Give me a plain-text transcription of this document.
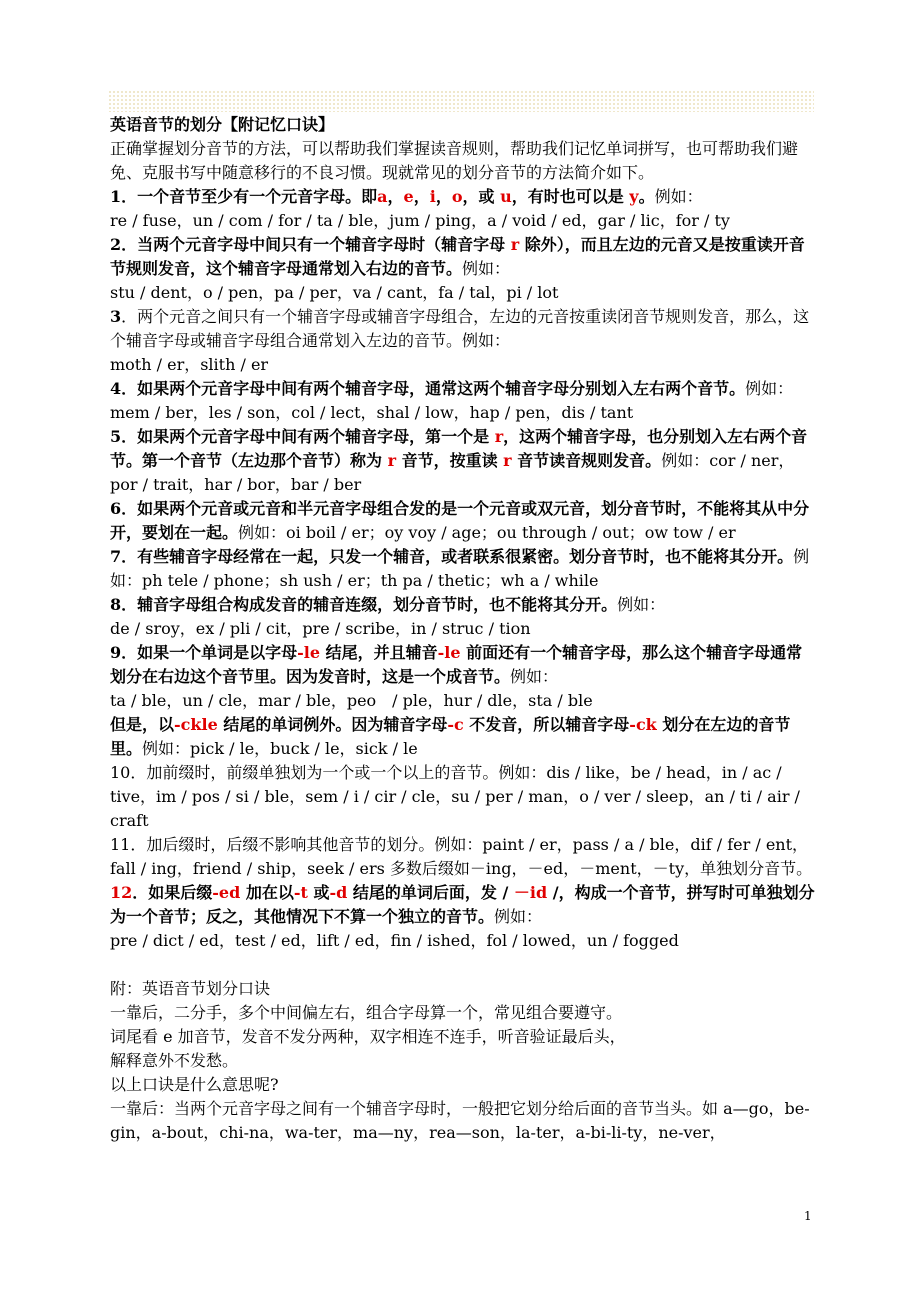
英语音节的划分【附记忆口诀】

正确掌握划分音节的方法，可以帮助我们掌握读音规则，帮助我们记忆单词拼写，也可帮助我们避免、克服书写中随意移行的不良习惯。现就常见的划分音节的方法简介如下。

1．一个音节至少有一个元音字母。即a，e，i，o，或 u，有时也可以是 y。例如：

re / fuse，un / com / for / ta / ble，jum / ping，a / void / ed，gar / lic，for / ty

2．当两个元音字母中间只有一个辅音字母时（辅音字母 r 除外），而且左边的元音又是按重读开音节规则发音，这个辅音字母通常划入右边的音节。例如：

stu / dent，o / pen，pa / per，va / cant，fa / tal，pi / lot

3．两个元音之间只有一个辅音字母或辅音字母组合，左边的元音按重读闭音节规则发音，那么，这个辅音字母或辅音字母组合通常划入左边的音节。例如：

moth / er，slith / er

4．如果两个元音字母中间有两个辅音字母，通常这两个辅音字母分别划入左右两个音节。例如：mem / ber，les / son，col / lect，shal / low，hap / pen，dis / tant

5．如果两个元音字母中间有两个辅音字母，第一个是 r，这两个辅音字母，也分别划入左右两个音节。第一个音节（左边那个音节）称为 r 音节，按重读 r 音节读音规则发音。例如：cor / ner，por / trait，har / bor，bar / ber

6．如果两个元音或元音和半元音字母组合发的是一个元音或双元音，划分音节时，不能将其从中分开，要划在一起。例如：oi boil / er；oy voy / age；ou through / out；ow tow / er

7．有些辅音字母经常在一起，只发一个辅音，或者联系很紧密。划分音节时，也不能将其分开。例如：ph tele / phone；sh ush / er；th pa / thetic；wh a / while

8．辅音字母组合构成发音的辅音连缀，划分音节时，也不能将其分开。例如：

de / sroy，ex / pli / cit，pre / scribe，in / struc / tion

9．如果一个单词是以字母-le 结尾，并且辅音-le 前面还有一个辅音字母，那么这个辅音字母通常划分在右边这个音节里。因为发音时，这是一个成音节。例如：

ta / ble，un / cle，mar / ble，peo　/ ple，hur / dle，sta / ble

但是，以-ckle 结尾的单词例外。因为辅音字母-c 不发音，所以辅音字母-ck 划分在左边的音节里。例如：pick / le，buck / le，sick / le

10．加前缀时，前缀单独划为一个或一个以上的音节。例如：dis / like，be / head，in / ac / tive，im / pos / si / ble，sem / i / cir / cle，su / per / man，o / ver / sleep，an / ti / air / craft

11．加后缀时，后缀不影响其他音节的划分。例如：paint / er，pass / a / ble，dif / fer / ent，fall / ing，friend / ship，seek / ers 多数后缀如－ing，－ed，－ment，－ty，单独划分音节。

12．如果后缀-ed 加在以-t 或-d 结尾的单词后面，发 / －id /，构成一个音节，拼写时可单独划分为一个音节；反之，其他情况下不算一个独立的音节。例如：

pre / dict / ed，test / ed，lift / ed，fin / ished，fol / lowed，un / fogged

附：英语音节划分口诀

一靠后，二分手，多个中间偏左右，组合字母算一个，常见组合要遵守。

词尾看 e 加音节，发音不发分两种，双字相连不连手，听音验证最后头，

解释意外不发愁。

以上口诀是什么意思呢?

一靠后：当两个元音字母之间有一个辅音字母时，一般把它划分给后面的音节当头。如 a—go，be-gin，a-bout，chi-na，wa-ter，ma—ny，rea—son，la-ter，a-bi-li-ty，ne-ver，

1
